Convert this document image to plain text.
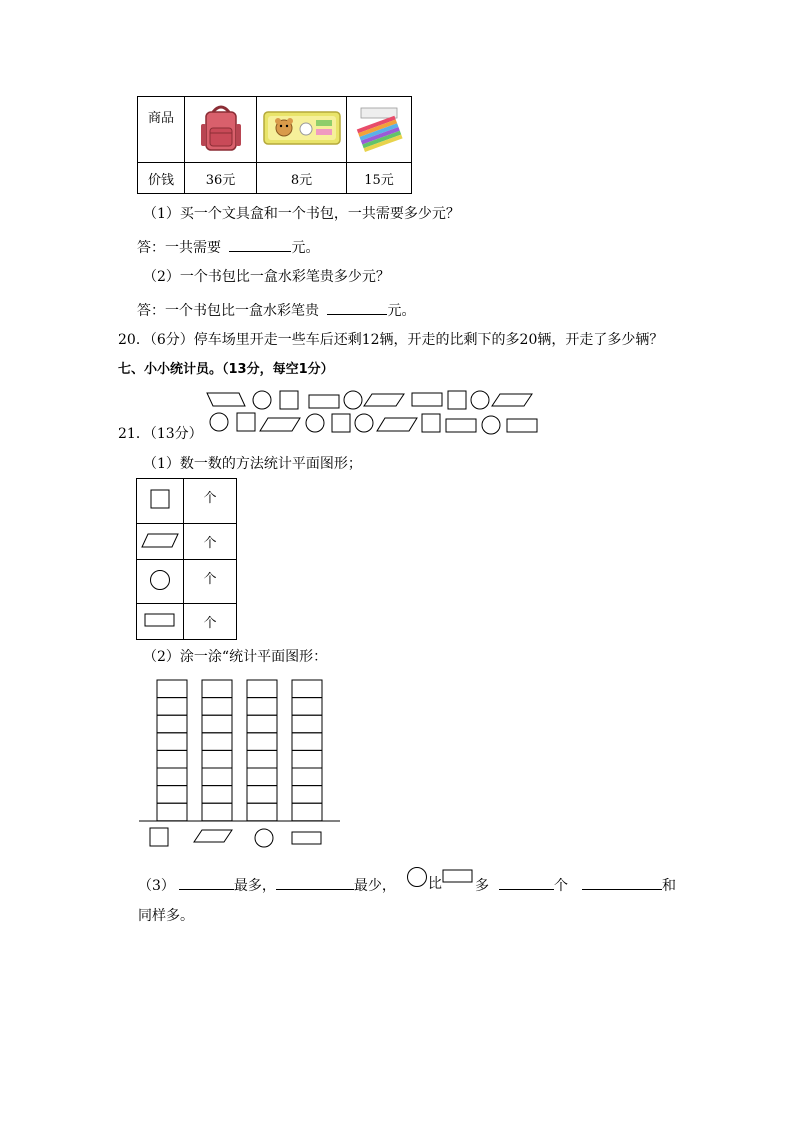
商品			
价钱	36元	8元	15元
（1）买一个文具盒和一个书包，一共需要多少元？
答：一共需要	元。
（2）一个书包比一盒水彩笔贵多少元？
答：一个书包比一盒水彩笔贵	元。
20．（6分）停车场里开走一些车后还剩12辆，开走的比剩下的多20辆，开走了多少辆？
七、小小统计员。（13分，每空1分）
21．（13分）
（1）数一数的方法统计平面图形；
	个
	个
	个
	个
（2）涂一涂“统计平面图形：
（3）	最多，	最少， 比 多	个	和
同样多。
